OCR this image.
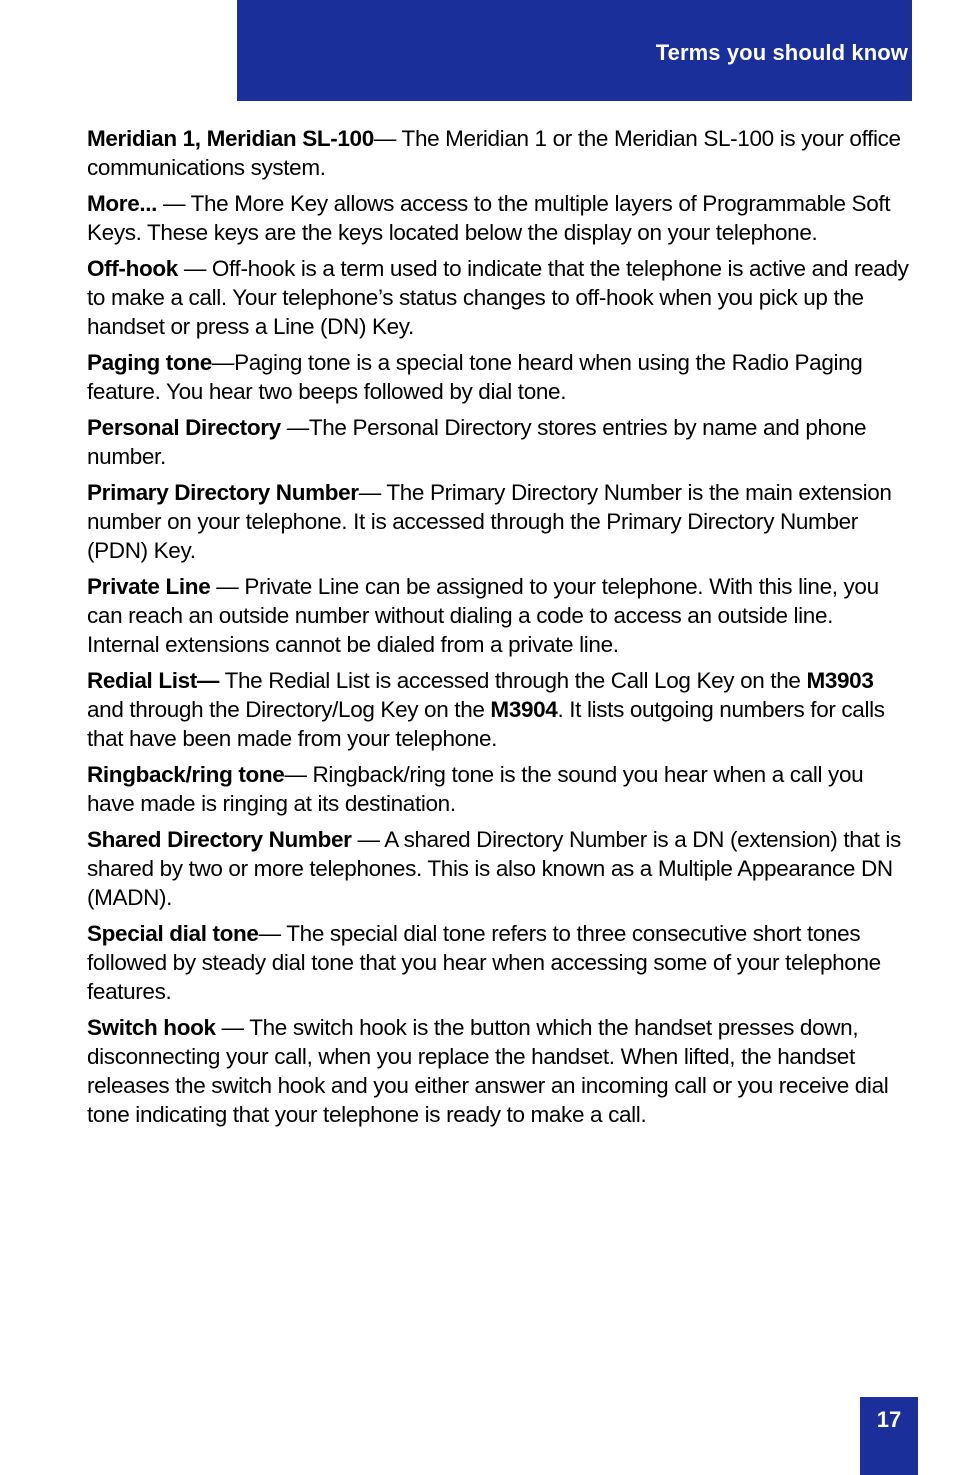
Terms you should know

Meridian 1, Meridian SL-100— The Meridian 1 or the Meridian SL-100 is your office communications system.

More... — The More Key allows access to the multiple layers of Programmable Soft Keys. These keys are the keys located below the display on your telephone.

Off-hook — Off-hook is a term used to indicate that the telephone is active and ready to make a call. Your telephone’s status changes to off-hook when you pick up the handset or press a Line (DN) Key.

Paging tone—Paging tone is a special tone heard when using the Radio Paging feature. You hear two beeps followed by dial tone.

Personal Directory —The Personal Directory stores entries by name and phone number.

Primary Directory Number— The Primary Directory Number is the main extension number on your telephone. It is accessed through the Primary Directory Number (PDN) Key.

Private Line — Private Line can be assigned to your telephone. With this line, you can reach an outside number without dialing a code to access an outside line. Internal extensions cannot be dialed from a private line.

Redial List— The Redial List is accessed through the Call Log Key on the M3903 and through the Directory/Log Key on the M3904. It lists outgoing numbers for calls that have been made from your telephone.

Ringback/ring tone— Ringback/ring tone is the sound you hear when a call you have made is ringing at its destination.

Shared Directory Number — A shared Directory Number is a DN (extension) that is shared by two or more telephones. This is also known as a Multiple Appearance DN (MADN).

Special dial tone— The special dial tone refers to three consecutive short tones followed by steady dial tone that you hear when accessing some of your telephone features.

Switch hook — The switch hook is the button which the handset presses down, disconnecting your call, when you replace the handset. When lifted, the handset releases the switch hook and you either answer an incoming call or you receive dial tone indicating that your telephone is ready to make a call.

17
